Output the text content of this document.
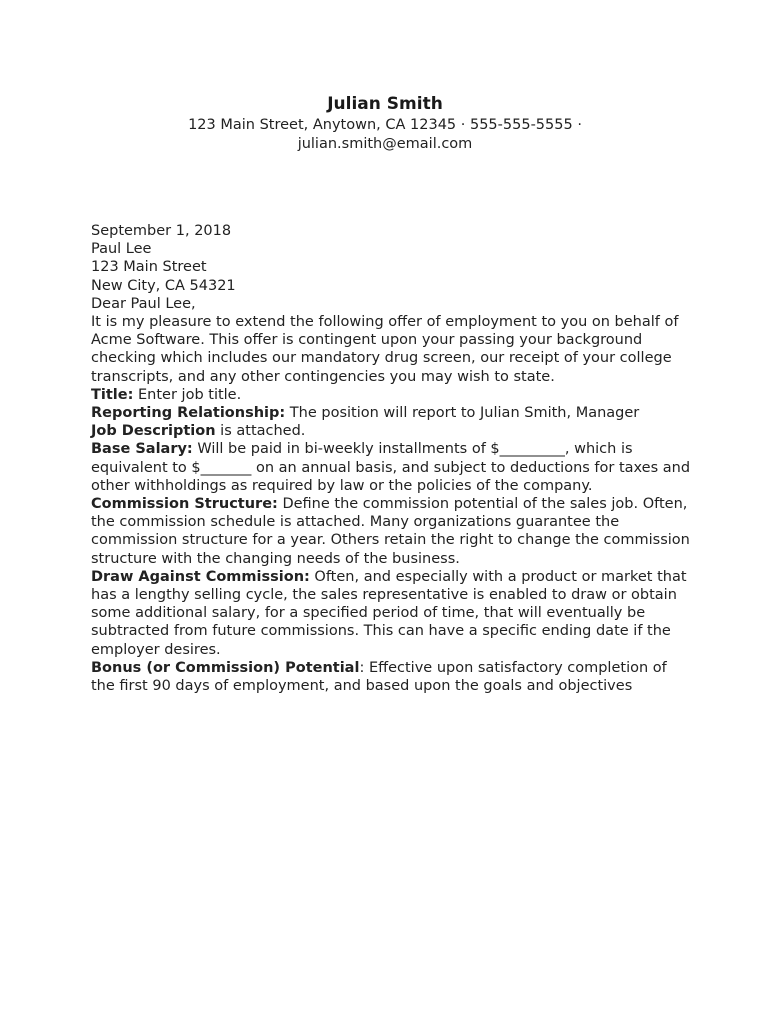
Julian Smith
123 Main Street, Anytown, CA 12345 · 555-555-5555 ·
julian.smith@email.com

September 1, 2018

Paul Lee
123 Main Street
New City, CA 54321

Dear Paul Lee,

It is my pleasure to extend the following offer of employment to you on behalf of Acme Software. This offer is contingent upon your passing your background checking which includes our mandatory drug screen, our receipt of your college transcripts, and any other contingencies you may wish to state.

Title: Enter job title.

Reporting Relationship: The position will report to Julian Smith, Manager

Job Description is attached.

Base Salary: Will be paid in bi-weekly installments of $_________, which is equivalent to $_______ on an annual basis, and subject to deductions for taxes and other withholdings as required by law or the policies of the company.

Commission Structure: Define the commission potential of the sales job. Often, the commission schedule is attached. Many organizations guarantee the commission structure for a year. Others retain the right to change the commission structure with the changing needs of the business.

Draw Against Commission: Often, and especially with a product or market that has a lengthy selling cycle, the sales representative is enabled to draw or obtain some additional salary, for a specified period of time, that will eventually be subtracted from future commissions. This can have a specific ending date if the employer desires.

Bonus (or Commission) Potential: Effective upon satisfactory completion of the first 90 days of employment, and based upon the goals and objectives
